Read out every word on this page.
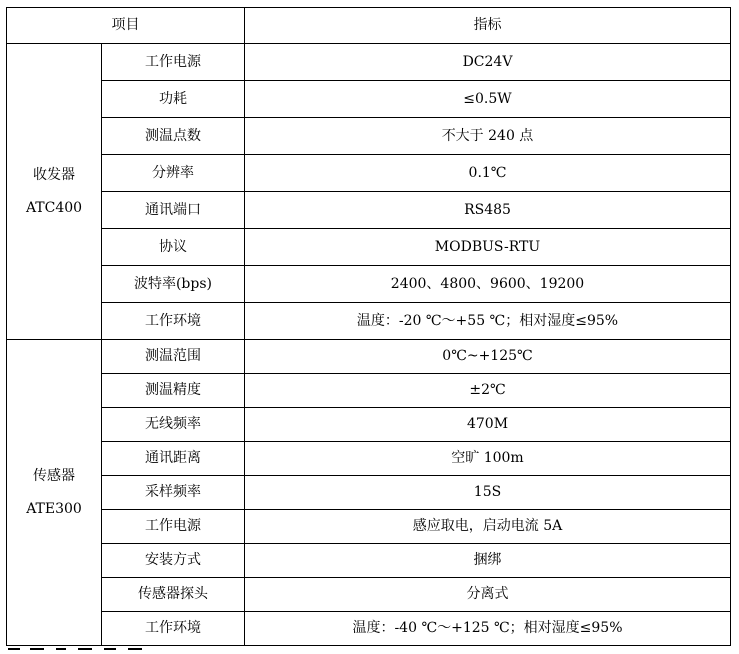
项目		指标

收发器
ATC400	工作电源	DC24V
	功耗	≤0.5W
	测温点数	不大于 240 点
	分辨率	0.1℃
	通讯端口	RS485
	协议	MODBUS-RTU
	波特率(bps)	2400、4800、9600、19200
	工作环境	温度：-20 ℃～+55 ℃；相对湿度≤95%

传感器
ATE300	测温范围	0℃~+125℃
	测温精度	±2℃
	无线频率	470M
	通讯距离	空旷 100m
	采样频率	15S
	工作电源	感应取电，启动电流 5A
	安装方式	捆绑
	传感器探头	分离式
	工作环境	温度：-40 ℃～+125 ℃；相对湿度≤95%
